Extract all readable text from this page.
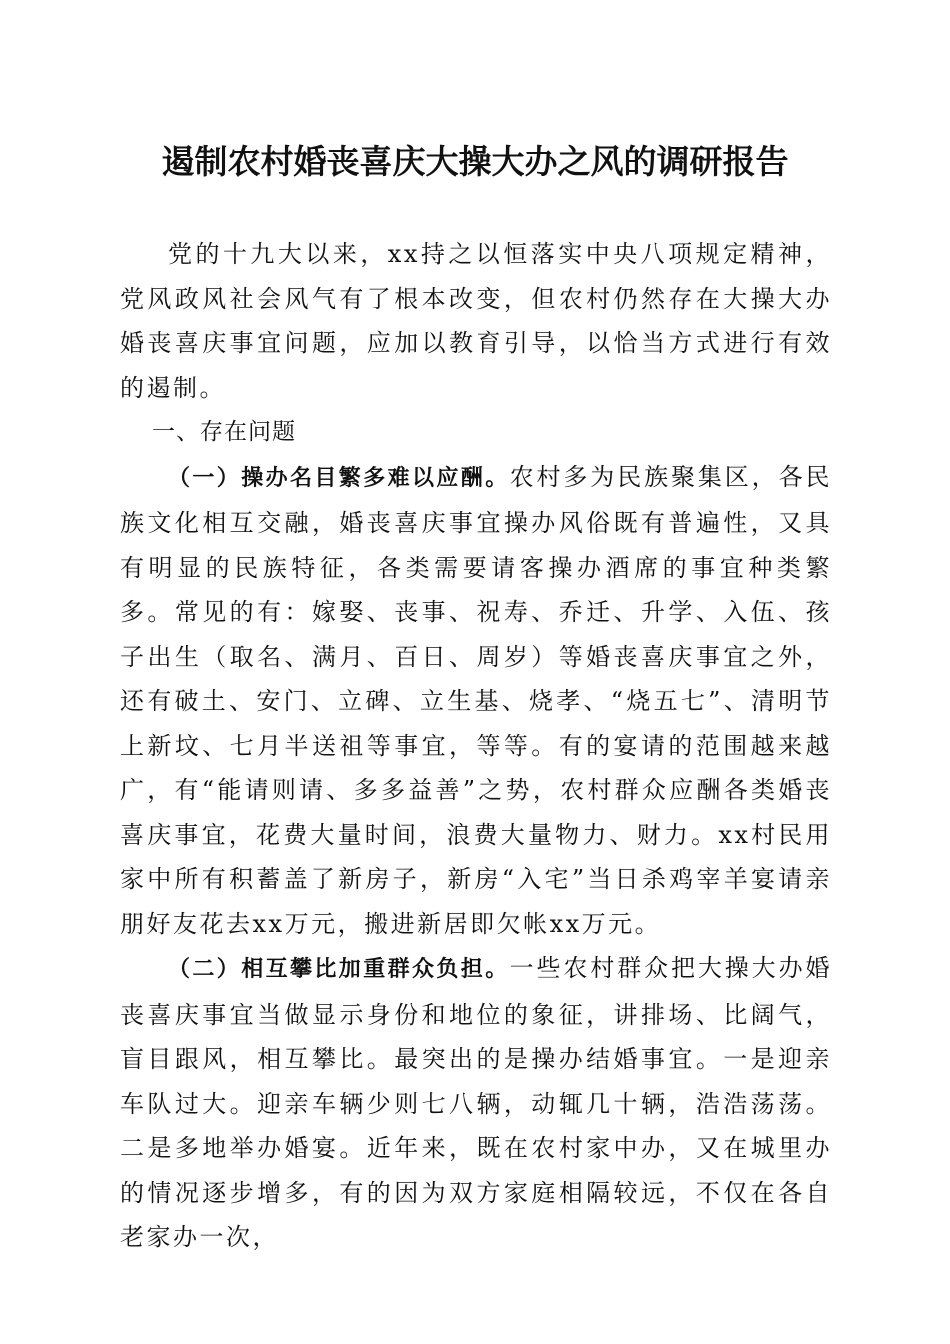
遏制农村婚丧喜庆大操大办之风的调研报告

党的十九大以来，xx持之以恒落实中央八项规定精神，党风政风社会风气有了根本改变，但农村仍然存在大操大办婚丧喜庆事宜问题，应加以教育引导，以恰当方式进行有效的遏制。

一、存在问题

（一）操办名目繁多难以应酬。农村多为民族聚集区，各民族文化相互交融，婚丧喜庆事宜操办风俗既有普遍性，又具有明显的民族特征，各类需要请客操办酒席的事宜种类繁多。常见的有：嫁娶、丧事、祝寿、乔迁、升学、入伍、孩子出生（取名、满月、百日、周岁）等婚丧喜庆事宜之外，还有破土、安门、立碑、立生基、烧孝、“烧五七”、清明节上新坟、七月半送祖等事宜，等等。有的宴请的范围越来越广，有“能请则请、多多益善”之势，农村群众应酬各类婚丧喜庆事宜，花费大量时间，浪费大量物力、财力。xx村民用家中所有积蓄盖了新房子，新房“入宅”当日杀鸡宰羊宴请亲朋好友花去xx万元，搬进新居即欠帐xx万元。

（二）相互攀比加重群众负担。一些农村群众把大操大办婚丧喜庆事宜当做显示身份和地位的象征，讲排场、比阔气，盲目跟风，相互攀比。最突出的是操办结婚事宜。一是迎亲车队过大。迎亲车辆少则七八辆，动辄几十辆，浩浩荡荡。二是多地举办婚宴。近年来，既在农村家中办，又在城里办的情况逐步增多，有的因为双方家庭相隔较远，不仅在各自老家办一次，
